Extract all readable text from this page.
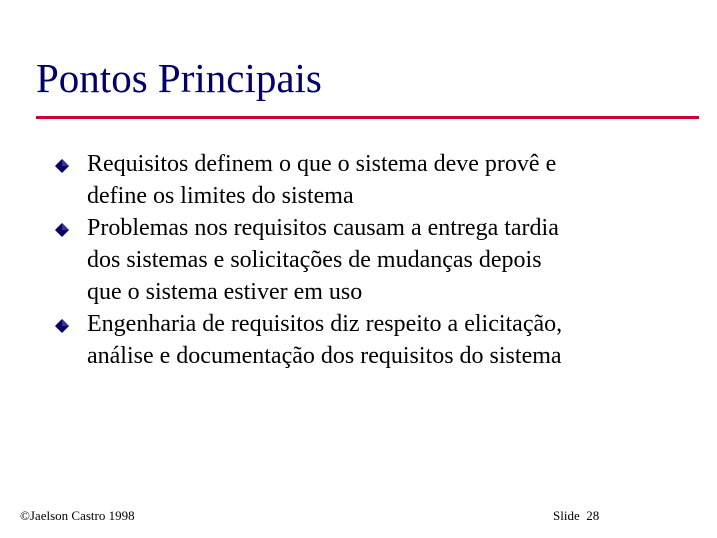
Pontos Principais
Requisitos definem o que o sistema deve provê e
define os limites do sistema
Problemas nos requisitos causam a entrega tardia
dos sistemas e solicitações de mudanças depois
que o sistema estiver em uso
Engenharia de requisitos diz respeito a elicitação,
análise e documentação dos requisitos do sistema
©Jaelson Castro 1998	Slide 28
